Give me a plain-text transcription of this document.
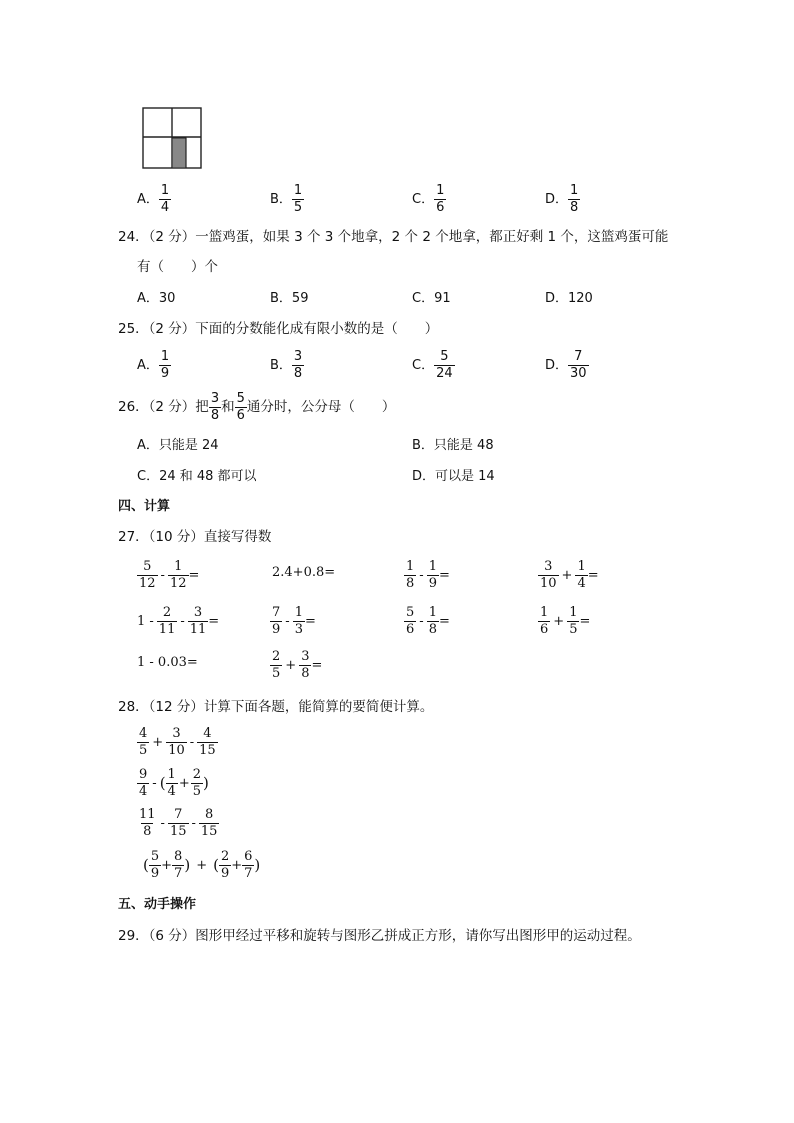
A． $\frac{1}{4}$	B． $\frac{1}{5}$	C． $\frac{1}{6}$	D． $\frac{1}{8}$
24．（2 分）一篮鸡蛋，如果 3 个 3 个地拿，2 个 2 个地拿，都正好剩 1 个，这篮鸡蛋可能
有（　　）个
A．30	B．59	C．91	D．120
25．（2 分）下面的分数能化成有限小数的是（　　）
A． $\frac{1}{9}$	B． $\frac{3}{8}$	C． $\frac{5}{24}$	D． $\frac{7}{30}$
26．（2 分）把 $\frac{3}{8}$ 和 $\frac{5}{6}$ 通分时，公分母（　　）
A．只能是 24	B．只能是 48
C．24 和 48 都可以	D．可以是 14
四、计算
27．（10 分）直接写得数
$\frac{5}{12} - \frac{1}{12}$ =	2.4+0.8=	$\frac{1}{8} - \frac{1}{9}$ =	$\frac{3}{10} + \frac{1}{4}$ =
$1 - \frac{2}{11} - \frac{3}{11}$ =	$\frac{7}{9} - \frac{1}{3}$ =	$\frac{5}{6} - \frac{1}{8}$ =	$\frac{1}{6} + \frac{1}{5}$ =
1 - 0.03=	$\frac{2}{5} + \frac{3}{8}$ =
28．（12 分）计算下面各题，能简算的要简便计算。
$\frac{4}{5} + \frac{3}{10} - \frac{4}{15}$
$\frac{9}{4}$ - ( $\frac{1}{4} + \frac{2}{5}$ )
$\frac{11}{8} - \frac{7}{15} - \frac{8}{15}$
( $\frac{5}{9} + \frac{8}{7}$ ) + ( $\frac{2}{9} + \frac{6}{7}$ )
五、动手操作
29．（6 分）图形甲经过平移和旋转与图形乙拼成正方形，请你写出图形甲的运动过程。
